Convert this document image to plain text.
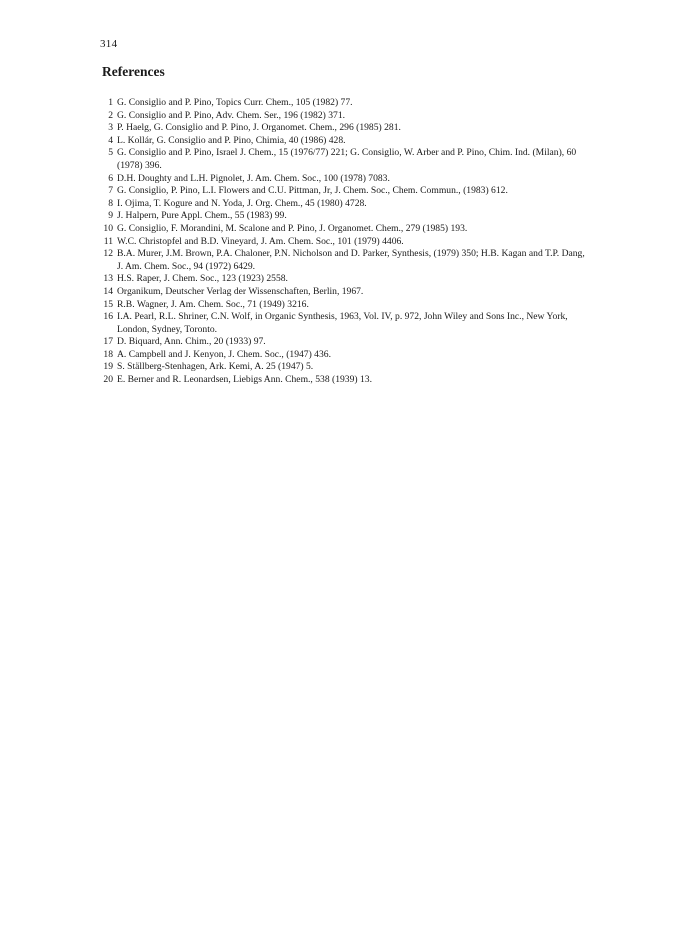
314
References
1 G. Consiglio and P. Pino, Topics Curr. Chem., 105 (1982) 77.
2 G. Consiglio and P. Pino, Adv. Chem. Ser., 196 (1982) 371.
3 P. Haelg, G. Consiglio and P. Pino, J. Organomet. Chem., 296 (1985) 281.
4 L. Kollár, G. Consiglio and P. Pino, Chimia, 40 (1986) 428.
5 G. Consiglio and P. Pino, Israel J. Chem., 15 (1976/77) 221; G. Consiglio, W. Arber and P. Pino, Chim. Ind. (Milan), 60 (1978) 396.
6 D.H. Doughty and L.H. Pignolet, J. Am. Chem. Soc., 100 (1978) 7083.
7 G. Consiglio, P. Pino, L.I. Flowers and C.U. Pittman, Jr, J. Chem. Soc., Chem. Commun., (1983) 612.
8 I. Ojima, T. Kogure and N. Yoda, J. Org. Chem., 45 (1980) 4728.
9 J. Halpern, Pure Appl. Chem., 55 (1983) 99.
10 G. Consiglio, F. Morandini, M. Scalone and P. Pino, J. Organomet. Chem., 279 (1985) 193.
11 W.C. Christopfel and B.D. Vineyard, J. Am. Chem. Soc., 101 (1979) 4406.
12 B.A. Murer, J.M. Brown, P.A. Chaloner, P.N. Nicholson and D. Parker, Synthesis, (1979) 350; H.B. Kagan and T.P. Dang, J. Am. Chem. Soc., 94 (1972) 6429.
13 H.S. Raper, J. Chem. Soc., 123 (1923) 2558.
14 Organikum, Deutscher Verlag der Wissenschaften, Berlin, 1967.
15 R.B. Wagner, J. Am. Chem. Soc., 71 (1949) 3216.
16 I.A. Pearl, R.L. Shriner, C.N. Wolf, in Organic Synthesis, 1963, Vol. IV, p. 972, John Wiley and Sons Inc., New York, London, Sydney, Toronto.
17 D. Biquard, Ann. Chim., 20 (1933) 97.
18 A. Campbell and J. Kenyon, J. Chem. Soc., (1947) 436.
19 S. Ställberg-Stenhagen, Ark. Kemi, A. 25 (1947) 5.
20 E. Berner and R. Leonardsen, Liebigs Ann. Chem., 538 (1939) 13.
